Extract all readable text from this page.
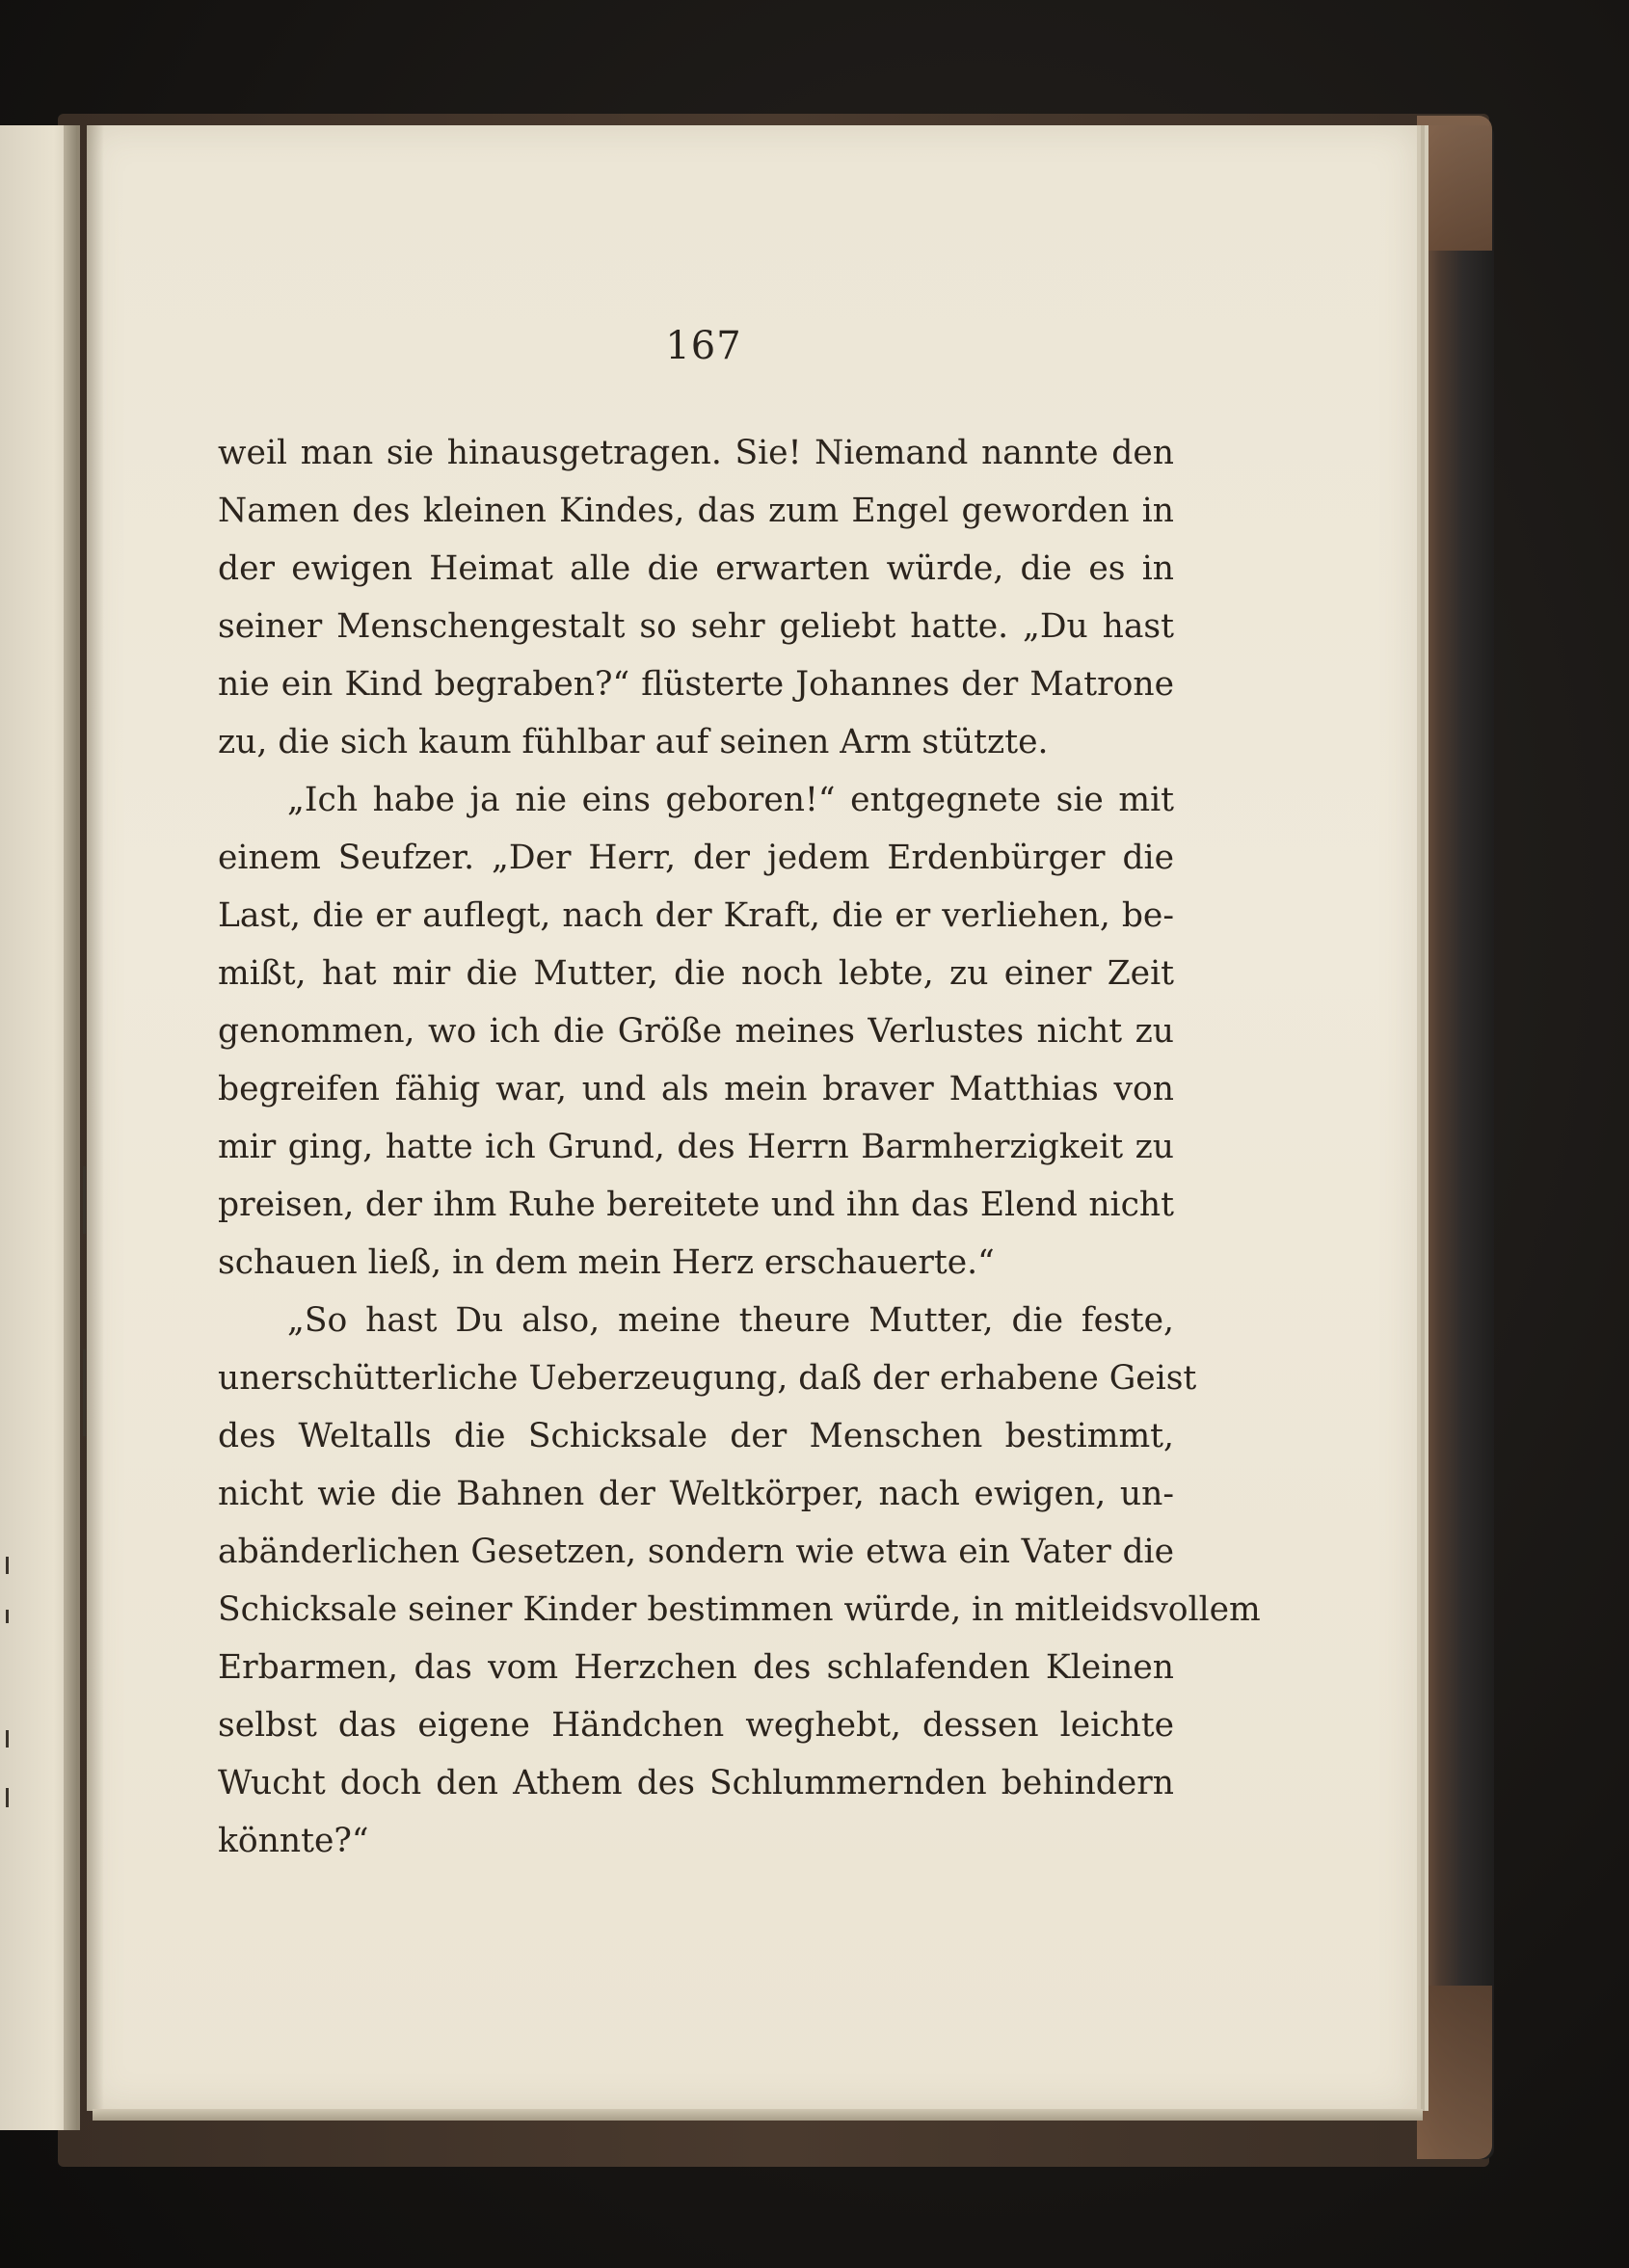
167
weil man sie hinausgetragen. Sie! Niemand nannte den
Namen des kleinen Kindes, das zum Engel geworden in
der ewigen Heimat alle die erwarten würde, die es in
seiner Menschengestalt so sehr geliebt hatte. „Du hast
nie ein Kind begraben?“ flüsterte Johannes der Matrone
zu, die sich kaum fühlbar auf seinen Arm stützte.
„Ich habe ja nie eins geboren!“ entgegnete sie mit
einem Seufzer. „Der Herr, der jedem Erdenbürger die
Last, die er auflegt, nach der Kraft, die er verliehen, be-
mißt, hat mir die Mutter, die noch lebte, zu einer Zeit
genommen, wo ich die Größe meines Verlustes nicht zu
begreifen fähig war, und als mein braver Matthias von
mir ging, hatte ich Grund, des Herrn Barmherzigkeit zu
preisen, der ihm Ruhe bereitete und ihn das Elend nicht
schauen ließ, in dem mein Herz erschauerte.“
„So hast Du also, meine theure Mutter, die feste,
unerschütterliche Ueberzeugung, daß der erhabene Geist
des Weltalls die Schicksale der Menschen bestimmt,
nicht wie die Bahnen der Weltkörper, nach ewigen, un-
abänderlichen Gesetzen, sondern wie etwa ein Vater die
Schicksale seiner Kinder bestimmen würde, in mitleidsvollem
Erbarmen, das vom Herzchen des schlafenden Kleinen
selbst das eigene Händchen weghebt, dessen leichte
Wucht doch den Athem des Schlummernden behindern
könnte?“
